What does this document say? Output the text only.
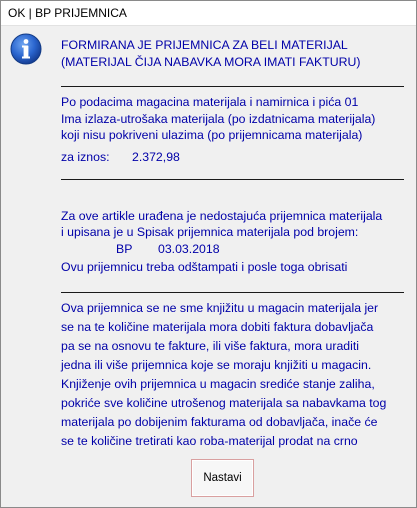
OK | BP PRIJEMNICA
FORMIRANA JE PRIJEMNICA ZA BELI MATERIJAL
(MATERIJAL ČIJA NABAVKA MORA IMATI FAKTURU)
Po podacima magacina materijala i namirnica i pića 01
Ima izlaza-utrošaka materijala (po izdatnicama materijala)
koji nisu pokriveni ulazima (po prijemnicama materijala)
za iznos: 2.372,98
Za ove artikle urađena je nedostajuća prijemnica materijala
i upisana je u Spisak prijemnica materijala pod brojem:
BP 03.03.2018
Ovu prijemnicu treba odštampati i posle toga obrisati
Ova prijemnica se ne sme knjižitu u magacin materijala jer
se na te količine materijala mora dobiti faktura dobavljača
pa se na osnovu te fakture, ili više faktura, mora uraditi
jedna ili više prijemnica koje se moraju knjižiti u magacin.
Knjiženje ovih prijemnica u magacin srediće stanje zaliha,
pokriće sve količine utrošenog materijala sa nabavkama tog
materijala po dobijenim fakturama od dobavljača, inače će
se te količine tretirati kao roba-materijal prodat na crno
Nastavi
